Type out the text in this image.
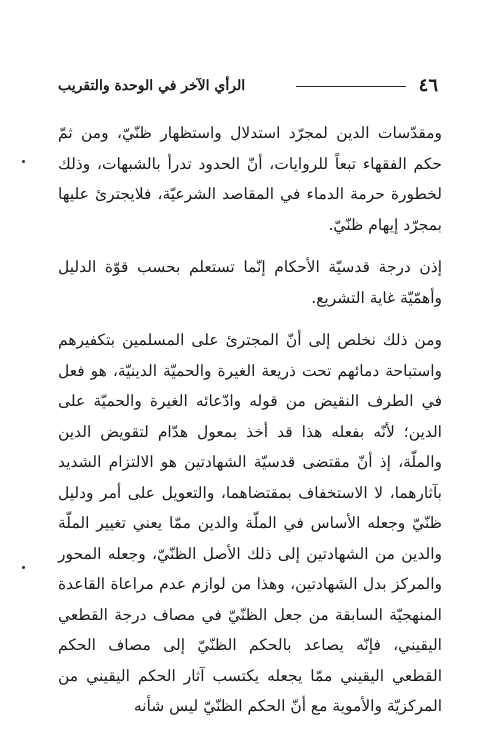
٤٦
الرأي الآخر في الوحدة والتقريب

ومقدّسات الدين لمجرّد استدلال واستظهار ظنّيّ، ومن ثمّ حكم الفقهاء تبعاً للروايات، أنّ الحدود تدرأ بالشبهات، وذلك لخطورة حرمة الدماء في المقاصد الشرعيّة، فلايجترئ عليها بمجرّد إيهام ظنّيّ.

إذن درجة قدسيّة الأحكام إنّما تستعلم بحسب قوّة الدليل وأهمّيّة غاية التشريع.

ومن ذلك نخلص إلى أنّ المجترئ على المسلمين بتكفيرهم واستباحة دمائهم تحت ذريعة الغيرة والحميّة الدينيّة، هو فعل في الطرف النقيض من قوله وادّعائه الغيرة والحميّة على الدين؛ لأنّه بفعله هذا قد أخذ بمعول هدّام لتقويض الدين والملّة، إذ أنّ مقتضى قدسيّة الشهادتين هو الالتزام الشديد بآثارهما، لا الاستخفاف بمقتضاهما، والتعويل على أمر ودليل ظنّيّ وجعله الأساس في الملّة والدين ممّا يعني تغيير الملّة والدين من الشهادتين إلى ذلك الأصل الظنّيّ، وجعله المحور والمركز بدل الشهادتين، وهذا من لوازم عدم مراعاة القاعدة المنهجيّة السابقة من جعل الظنّيّ في مصاف درجة القطعي اليقيني، فإنّه يصاعد بالحكم الظنّيّ إلى مصاف الحكم القطعي اليقيني ممّا يجعله يكتسب آثار الحكم اليقيني من المركزيّة والأموية مع أنّ الحكم الظنّيّ ليس شأنه
